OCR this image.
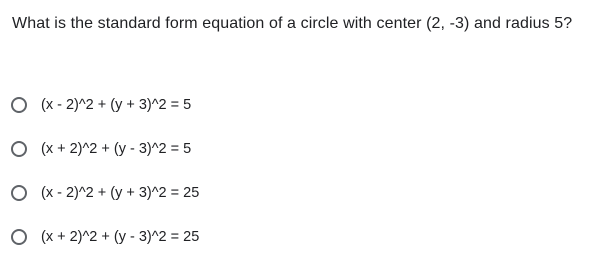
What is the standard form equation of a circle with center (2, -3) and radius 5?
(x - 2)^2 + (y + 3)^2 = 5
(x + 2)^2 + (y - 3)^2 = 5
(x - 2)^2 + (y + 3)^2 = 25
(x + 2)^2 + (y - 3)^2 = 25
